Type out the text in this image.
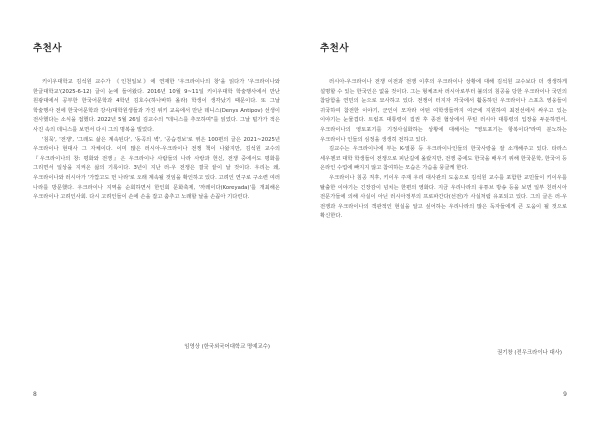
추천사

키이우대학교 김석원 교수가 《인천일보》에 연재한 '우크라이나의 창'을 읽다가 '우크라이나와 한글대학교'(2025-6-12) 글이 눈에 들어왔다. 2016년 10월 9~11일 키이우대학 학술행사에서 만난 원광대에서 공부한 한국어문학과 4학년 김호수(하나바하 올라) 학생이 생각났기 때문이다. 또 그날 학술행사 전에 한국어문학과 강사/대학원생들과 가진 위키 교육에서 만난 데니스(Denys Antipov) 선생이 전사했다는 소식을 접했다. 2022년 5월 26일 김교수의 "데니스를 추모하며"를 읽었다. 그날 털가가 적은 사진 속의 데니스를 보면서 다시 그의 명복을 빌었다.

'침묵', '전쟁', '그래도 삶은 계속된다', '동곡의 벽', '공습경보'로 엮은 100편의 글은 2021~2025년 우크라이나 현대사 그 자체이다. 이미 많은 러시아-우크라이나 전쟁 책이 나왔지만, 김석원 교수의 『우크라이나의 창: 평화와 전쟁』은 우크라이나 사람들의 나라 사랑과 헌신, 전쟁 중에서도 평화를 그리면서 일상을 지켜온 삶의 기록이다. 3년이 지난 러-우 전쟁은 결국 끝이 날 것이다. 우리는 왜, 우크라이나와 러시아가 '가깝고도 먼 나라'로 오래 계속될 것임을 확인하고 있다. 고려인 연구로 구소련 여러 나라를 방문했다. 우크라이나 지역을 순회하면서 한인회 문화축제, '까레이다(Koreyada)'를 개최해온 우크라이나 고려인사회. 다시 고려인들이 손에 손을 잡고 춤추고 노래할 날을 손꼽아 기다린다.

임영상 (한국외국어대학교 명예교수)
8
추천사

러시아-우크라이나 전쟁 이전과 전쟁 이후의 우크라이나 상황에 대해 김석원 교수보다 더 생생하게 설명할 수 있는 한국인은 없을 것이다. 그는 형체조차 러시아로부터 불의의 침공을 당한 우크라이나 국민의 참담함을 연민의 눈으로 묘사하고 있다. 전쟁이 터지자 각국에서 활동하던 우크라이나 스포츠 영웅들이 귀국하여 참전한 이야기, 군인이 모자라 어떤 여학생들까지 여군에 지원하여 최전선에서 싸우고 있는 이야기는 눈물겹다. 트럼프 대통령이 집권 후 종전 협상에서 푸틴 러시아 대통령의 입장을 두둔하면서, 우크라이나의 영토포기를 기정사실화하는 상황에 대해서는 "영토포기는 항복이다"라며 분노하는 우크라이나 인들의 심정을 생생히 전하고 있다.

김교수는 우크라이나에 부는 K-열풍 등 우크라이나인들의 한국사랑을 잘 소개해주고 있다. 타라스 세우첸코 대학 학생들이 전쟁으로 피난길에 올랐지만, 전쟁 중에도 한국을 배우기 위해 한국문학, 한국어 등 온라인 수업에 빠지지 않고 참여하는 모습은 가슴을 뭉클케 한다.

우크라이나 침공 직후, 키이우 주재 우리 대사관의 도움으로 김석원 교수를 포함한 교민들이 키이우를 탈출한 이야기는 긴장감이 넘치는 한편의 영화다. 지금 우리나라의 유튜브 방송 등을 보면 일부 친러시아 전문가들에 의해 사실이 아닌 러시아정부의 프로파간다(선전)가 사실처럼 유포되고 있다. 그의 글은 러-우 전쟁과 우크라이나의 객관적인 현실을 알고 싶어하는 우리나라의 많은 독자들에게 큰 도움이 될 것으로 확신한다.

권기창 (전우크라이나 대사)
9
